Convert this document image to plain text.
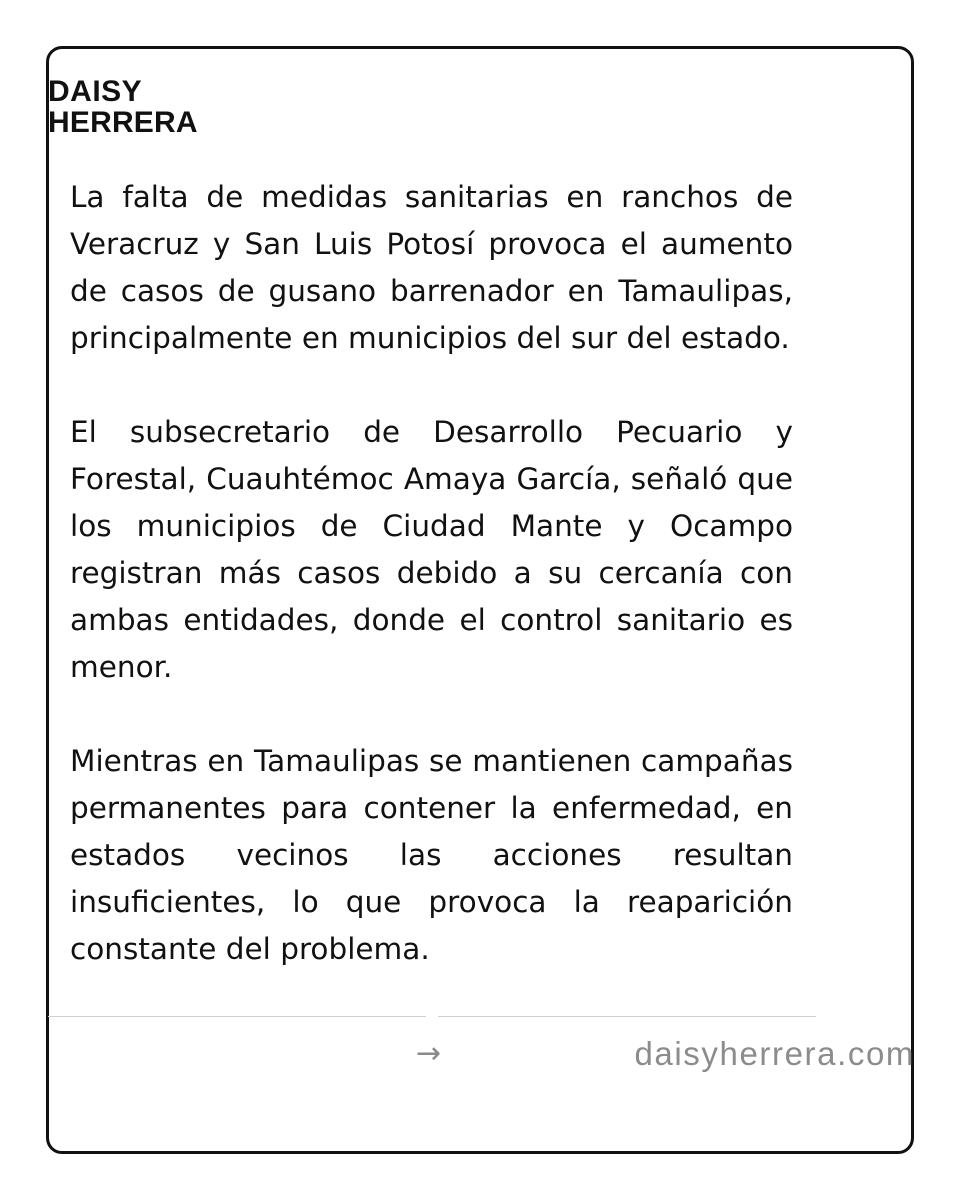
DAISY
HERRERA

La falta de medidas sanitarias en ranchos de Veracruz y San Luis Potosí provoca el aumento de casos de gusano barrenador en Tamaulipas, principalmente en municipios del sur del estado.

El subsecretario de Desarrollo Pecuario y Forestal, Cuauhtémoc Amaya García, señaló que los municipios de Ciudad Mante y Ocampo registran más casos debido a su cercanía con ambas entidades, donde el control sanitario es menor.

Mientras en Tamaulipas se mantienen campañas permanentes para contener la enfermedad, en estados vecinos las acciones resultan insuficientes, lo que provoca la reaparición constante del problema.

→	daisyherrera.com
